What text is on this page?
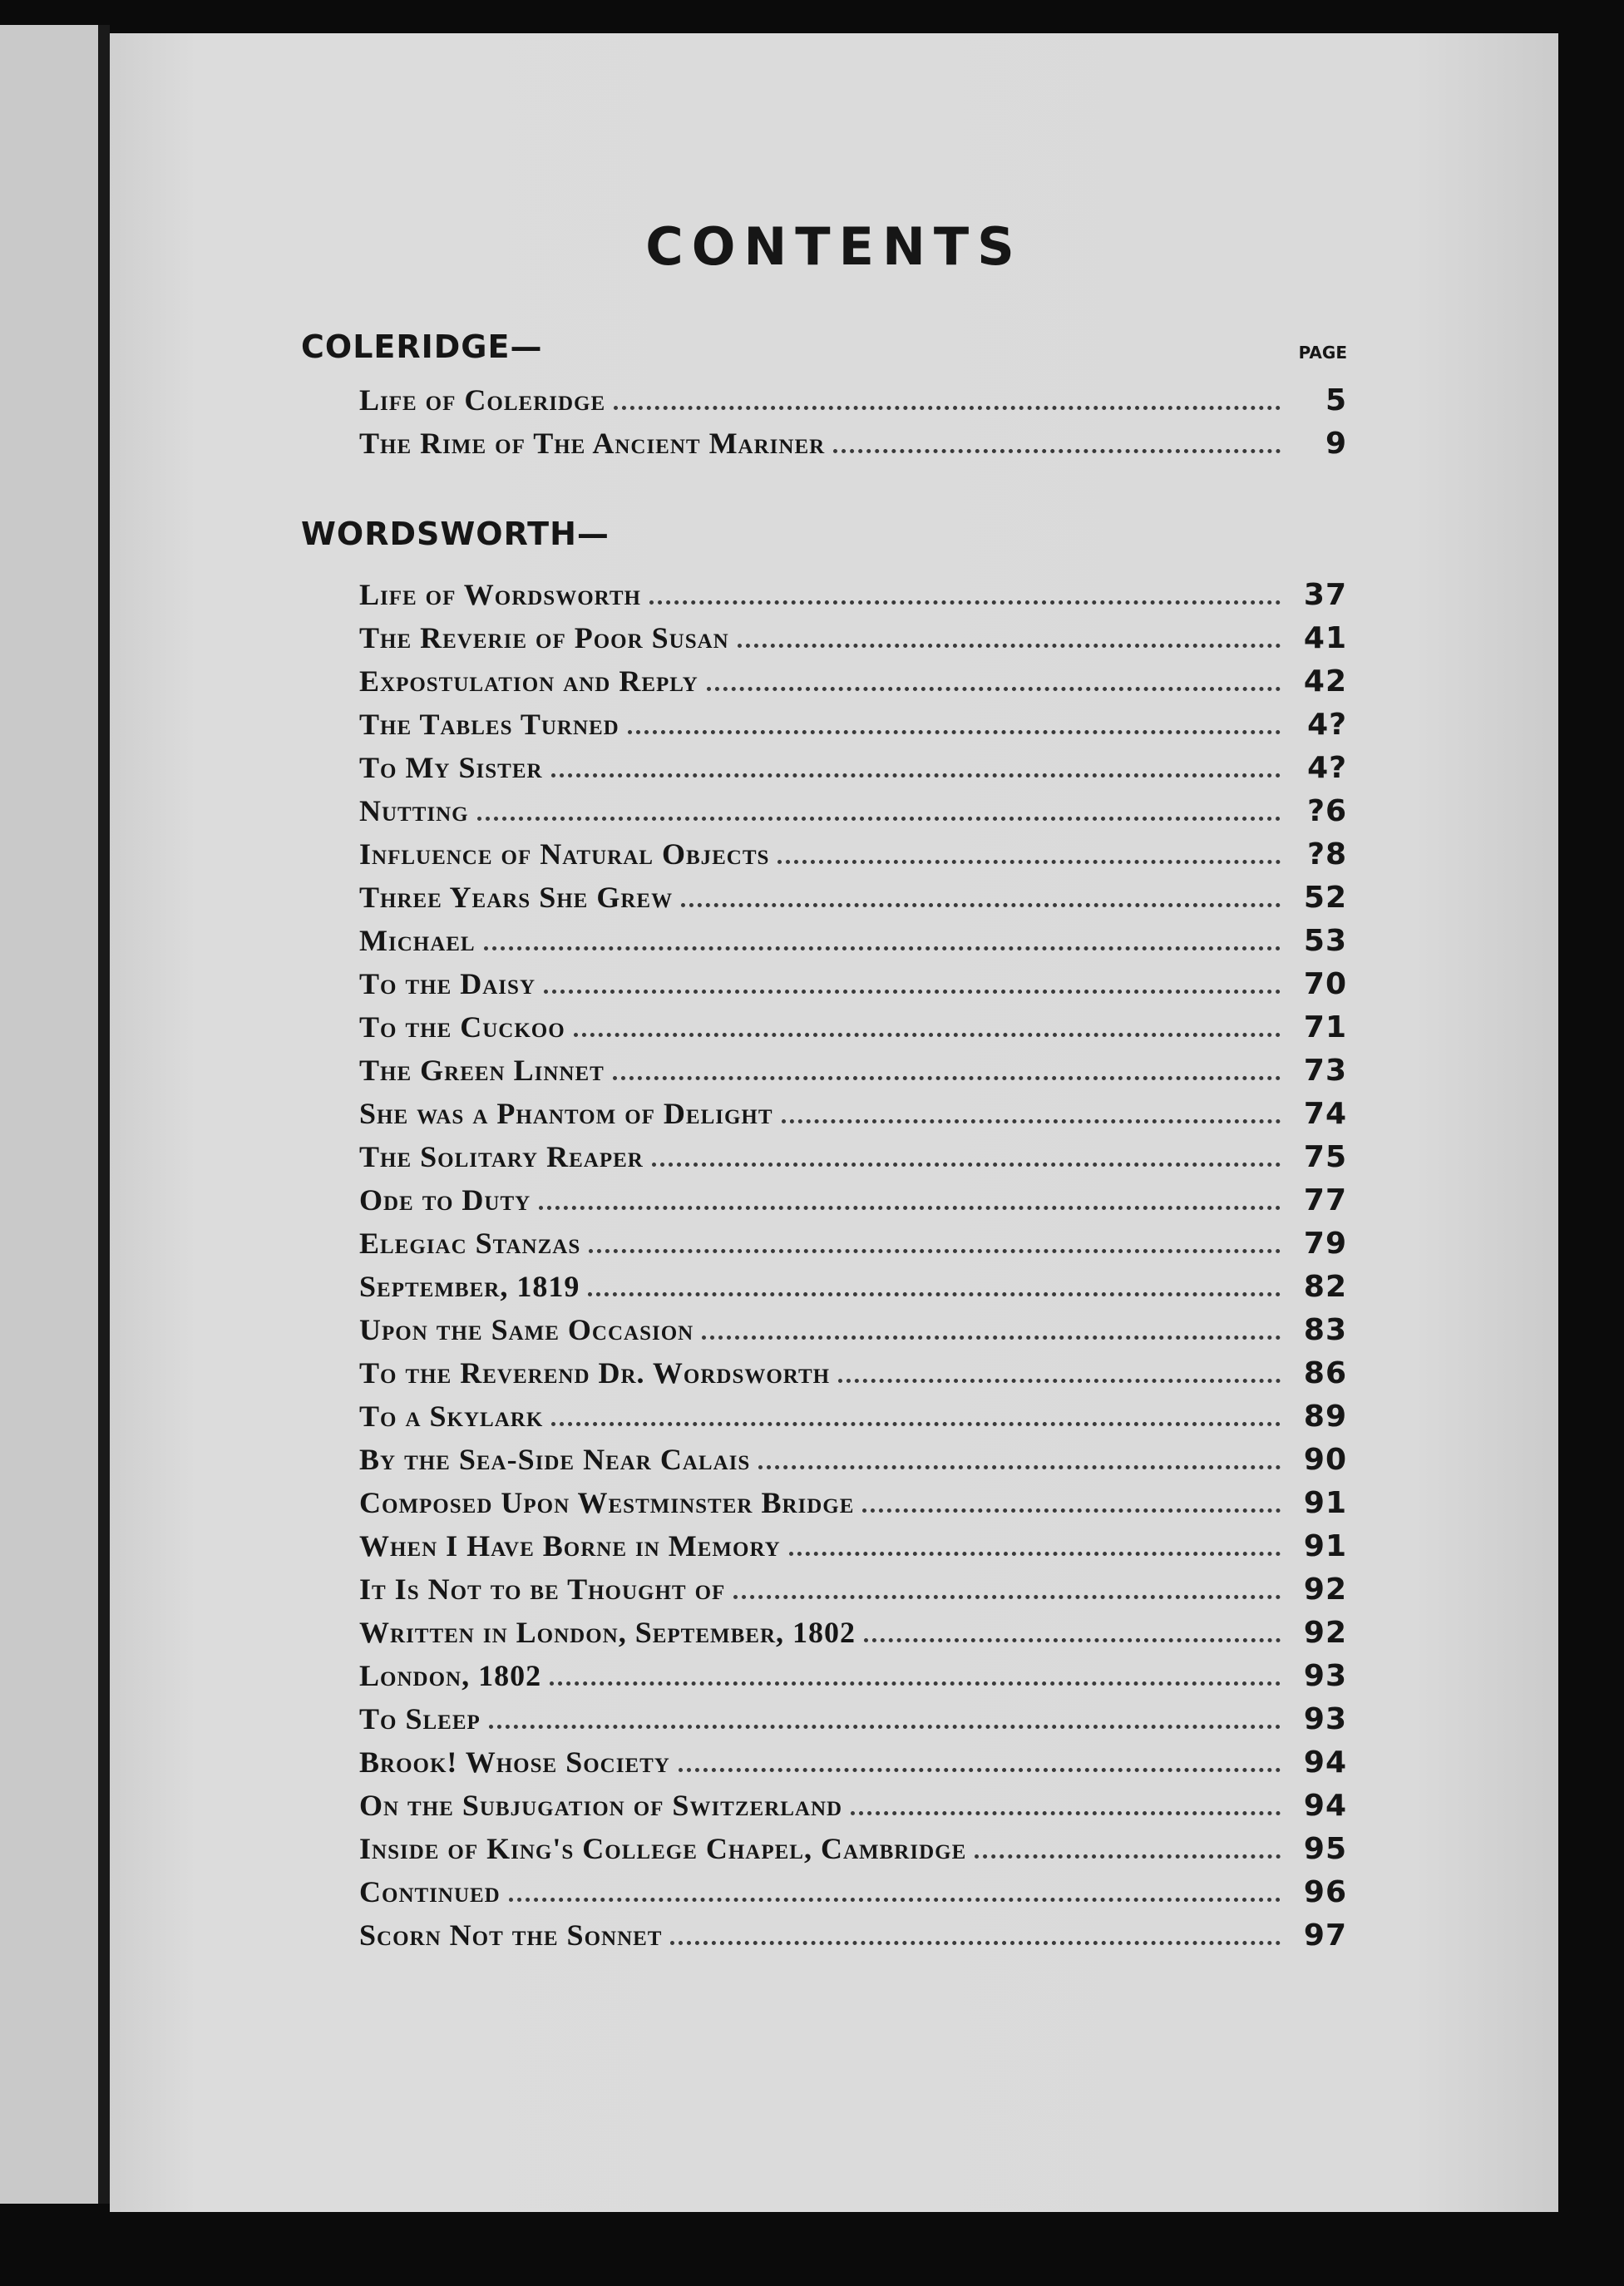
CONTENTS
COLERIDGE—	PAGE
Life of Coleridge	5
The Rime of The Ancient Mariner	9
WORDSWORTH—
Life of Wordsworth	37
The Reverie of Poor Susan	41
Expostulation and Reply	42
The Tables Turned	4?
To My Sister	4?
Nutting	?6
Influence of Natural Objects	?8
Three Years She Grew	52
Michael	53
To the Daisy	70
To the Cuckoo	71
The Green Linnet	73
She was a Phantom of Delight	74
The Solitary Reaper	75
Ode to Duty	77
Elegiac Stanzas	79
September, 1819	82
Upon the Same Occasion	83
To the Reverend Dr. Wordsworth	86
To a Skylark	89
By the Sea-Side Near Calais	90
Composed Upon Westminster Bridge	91
When I Have Borne in Memory	91
It Is Not to be Thought of	92
Written in London, September, 1802	92
London, 1802	93
To Sleep	93
Brook! Whose Society	94
On the Subjugation of Switzerland	94
Inside of King's College Chapel, Cambridge	95
Continued	96
Scorn Not the Sonnet	97
